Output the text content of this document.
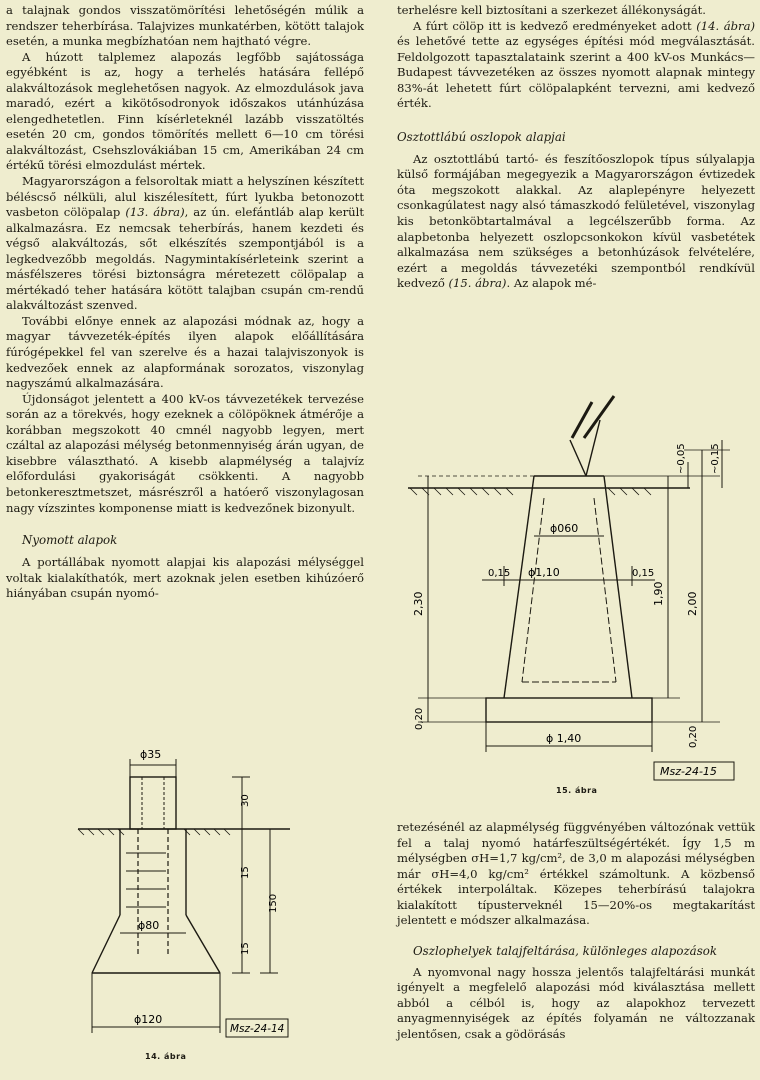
a talajnak gondos visszatömörítési lehetőségén múlik a rendszer teherbírása. Talajvizes munkatérben, kötött talajok esetén, a munka megbízhatóan nem hajtható végre.

A húzott talplemez alapozás legfőbb sajátossága egyébként is az, hogy a terhelés hatására fellépő alakváltozások meglehetősen nagyok. Az elmozdulások java maradó, ezért a kikötősodronyok időszakos utánhúzása elengedhetetlen. Finn kísérleteknél lazább visszatöltés esetén 20 cm, gondos tömörítés mellett 6—10 cm törési alakváltozást, Csehszlovákiában 15 cm, Amerikában 24 cm értékű törési elmozdulást mértek.

Magyarországon a felsoroltak miatt a helyszínen készített béléscső nélküli, alul kiszélesített, fúrt lyukba betonozott vasbeton cölöpalap (13. ábra), az ún. elefántláb alap került alkalmazásra. Ez nemcsak teherbírás, hanem kezdeti és végső alakváltozás, sőt elkészítés szempontjából is a legkedvezőbb megoldás. Nagymintakísérleteink szerint a másfélszeres törési biztonságra méretezett cölöpalap a mértékadó teher hatására kötött talajban csupán cm-rendű alakváltozást szenved.

További előnye ennek az alapozási módnak az, hogy a magyar távvezeték-építés ilyen alapok előállítására fúrógépekkel fel van szerelve és a hazai talajviszonyok is kedvezőek ennek az alapformának sorozatos, viszonylag nagyszámú alkalmazására.

Újdonságot jelentett a 400 kV-os távvezetékek tervezése során az a törekvés, hogy ezeknek a cölöpöknek átmérője a korábban megszokott 40 cmnél nagyobb legyen, mert czáltal az alapozási mélység betonmennyiség árán ugyan, de kisebbre választható. A kisebb alapmélység a talajvíz előfordulási gyakoriságát csökkenti. A nagyobb betonkeresztmetszet, másrészről a hatóerő viszonylagosan nagy vízszintes komponense miatt is kedvezőnek bizonyult.

Nyomott alapok

A portállábak nyomott alapjai kis alapozási mélységgel voltak kialakíthatók, mert azoknak jelen esetben kihúzóerő hiányában csupán nyomó-

ϕ35
ϕ80
ϕ120
30
15
15
150
Msz-24-14
14. ábra

terhelésre kell biztosítani a szerkezet állékonyságát.

A fúrt cölöp itt is kedvező eredményeket adott (14. ábra) és lehetővé tette az egységes építési mód megválasztását. Feldolgozott tapasztalataink szerint a 400 kV-os Munkács—Budapest távvezetéken az összes nyomott alapnak mintegy 83%-át lehetett fúrt cölöpalapként tervezni, ami kedvező érték.

Osztottlábú oszlopok alapjai

Az osztottlábú tartó- és feszítőoszlopok típus súlyalapja külső formájában megegyezik a Magyarországon évtizedek óta megszokott alakkal. Az alaplepényre helyezett csonkagúlatest nagy alsó támaszkodó felületével, viszonylag kis betonköbtartalmával a legcélszerűbb forma. Az alapbetonba helyezett oszlopcsonkokon kívül vasbetétek alkalmazása nem szükséges a betonhúzások felvételére, ezért a megoldás távvezetéki szempontból rendkívül kedvező (15. ábra). Az alapok mé-

ϕ060
ϕ1,10
ϕ 1,40
0,15	0,15
2,30	1,90 2,00
0,20
0,20
~0,05 ~0,15
Msz-24-15
15. ábra

retezésénél az alapmélység függvényében változónak vettük fel a talaj nyomó határfeszültségértékét. Így 1,5 m mélységben σH=1,7 kg/cm², de 3,0 m alapozási mélységben már σH=4,0 kg/cm² értékkel számoltunk. A közbenső értékek interpoláltak. Közepes teherbírású talajokra kialakított típusterveknél 15—20%-os megtakarítást jelentett e módszer alkalmazása.

Oszlophelyek talajfeltárása, különleges alapozások

A nyomvonal nagy hossza jelentős talajfeltárási munkát igényelt a megfelelő alapozási mód kiválasztása mellett abból a célból is, hogy az alapokhoz tervezett anyagmennyiségek az építés folyamán ne változzanak jelentősen, csak a gödörásás
